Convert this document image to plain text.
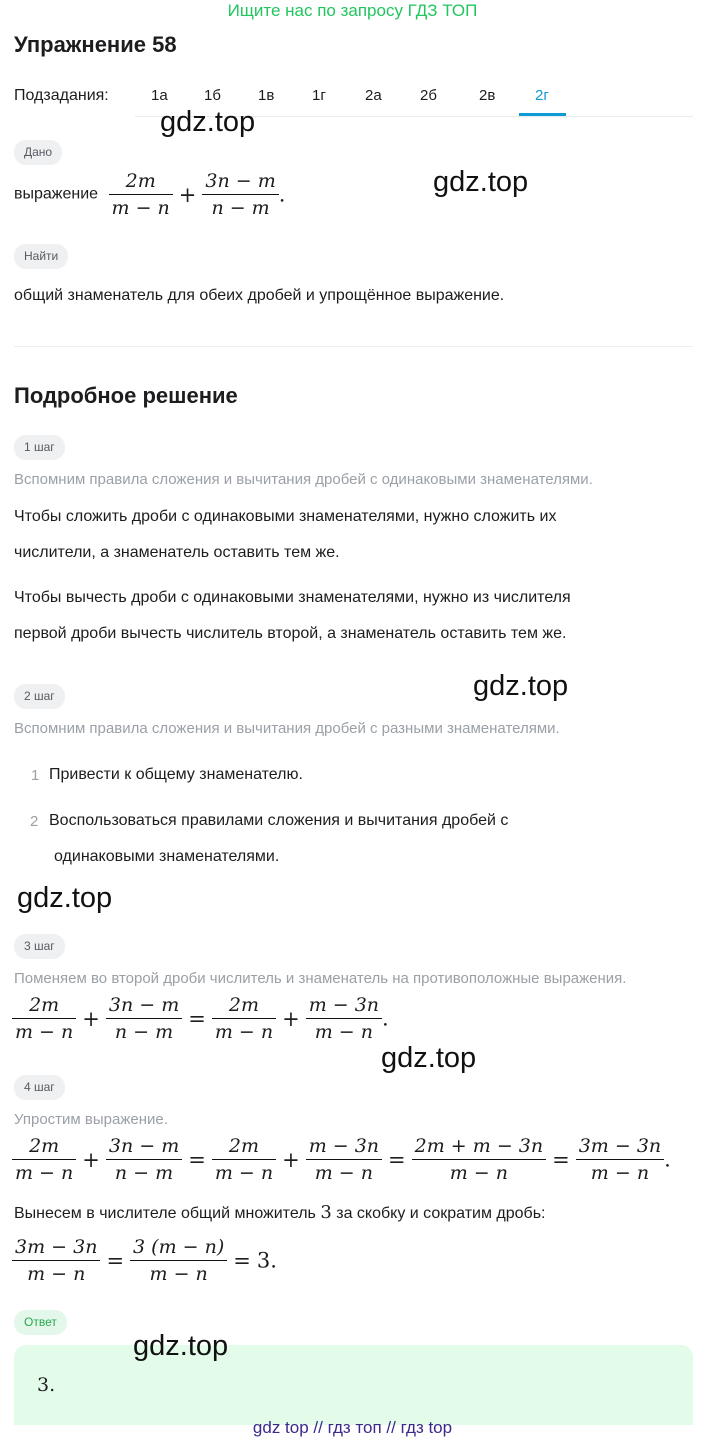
Ищите нас по запросу ГДЗ ТОП
Упражнение 58
Подзадания:	1а 1б 1в	1г	2а	2б	2в	2г
gdz.top
gdz.top
gdz.top
gdz.top
gdz.top
Дано
выражение $\frac{2m}{m - n} + \frac{3n - m}{n - m}$ .
Найти
общий знаменатель для обеих дробей и упрощённое выражение.
Подробное решение
1 шаг
Вспомним правила сложения и вычитания дробей с одинаковыми знаменателями.
Чтобы сложить дроби с одинаковыми знаменателями, нужно сложить их
числители, а знаменатель оставить тем же.
Чтобы вычесть дроби с одинаковыми знаменателями, нужно из числителя
первой дроби вычесть числитель второй, а знаменатель оставить тем же.
2 шаг
Вспомним правила сложения и вычитания дробей с разными знаменателями.
1 Привести к общему знаменателю.
2 Воспользоваться правилами сложения и вычитания дробей с
одинаковыми знаменателями.
3 шаг
Поменяем во второй дроби числитель и знаменатель на противоположные выражения.
$\frac{2m}{m - n} + \frac{3n - m}{n - m} = \frac{2m}{m - n} + \frac{m - 3n}{m - n}$ .
4 шаг
Упростим выражение.
$\frac{2m}{m - n} + \frac{3n - m}{n - m} = \frac{2m}{m - n} + \frac{m - 3n}{m - n} = \frac{2m + m - 3n}{m - n} = \frac{3m - 3n}{m - n}$ .
Вынесем в числителе общий множитель 3 за скобку и сократим дробь:
$\frac{3m - 3n}{m - n} = \frac{3 (m - n)}{m - n} = 3$.
Ответ
3.
gdz.top
gdz top // гдз топ // гдз top
